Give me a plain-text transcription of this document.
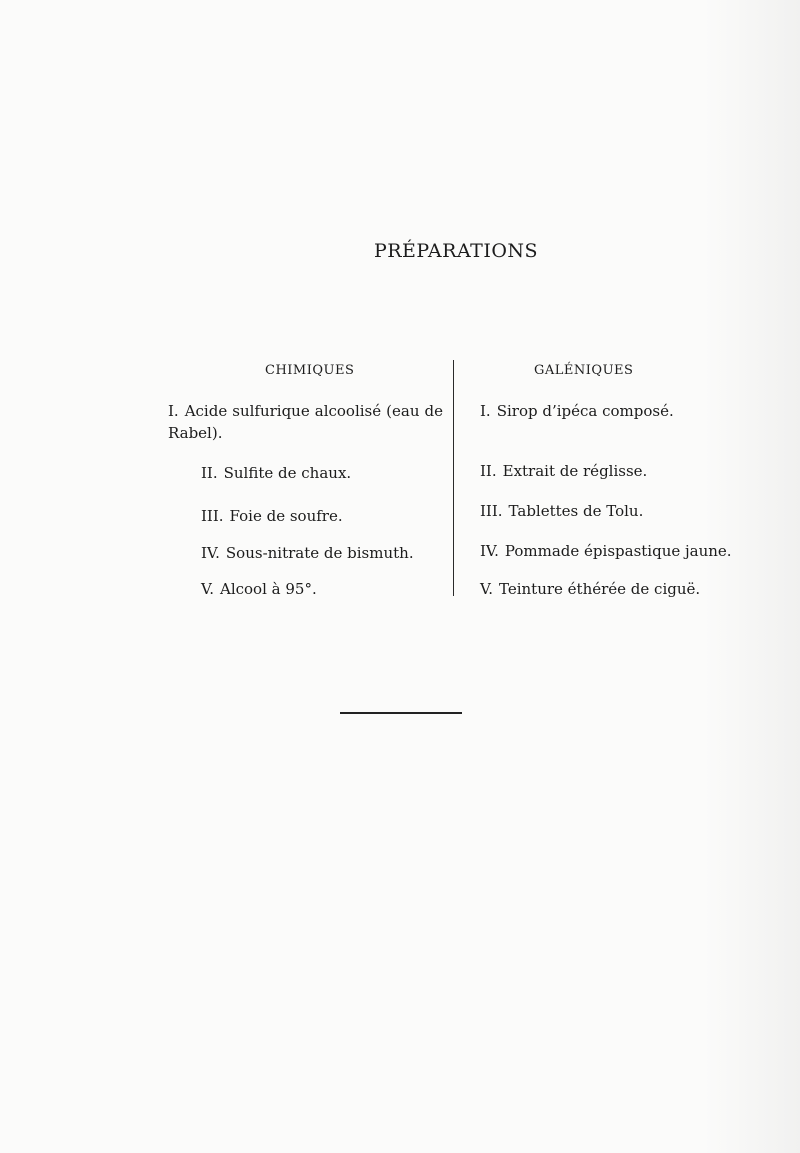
PRÉPARATIONS
CHIMIQUES	GALÉNIQUES
I. Acide sulfurique alcoolisé (eau de Rabel).
II. Sulfite de chaux.
III. Foie de soufre.
IV. Sous-nitrate de bismuth.
V. Alcool à 95°.
I. Sirop d’ipéca composé.
II. Extrait de réglisse.
III. Tablettes de Tolu.
IV. Pommade épispastique jaune.
V. Teinture éthérée de ciguë.
